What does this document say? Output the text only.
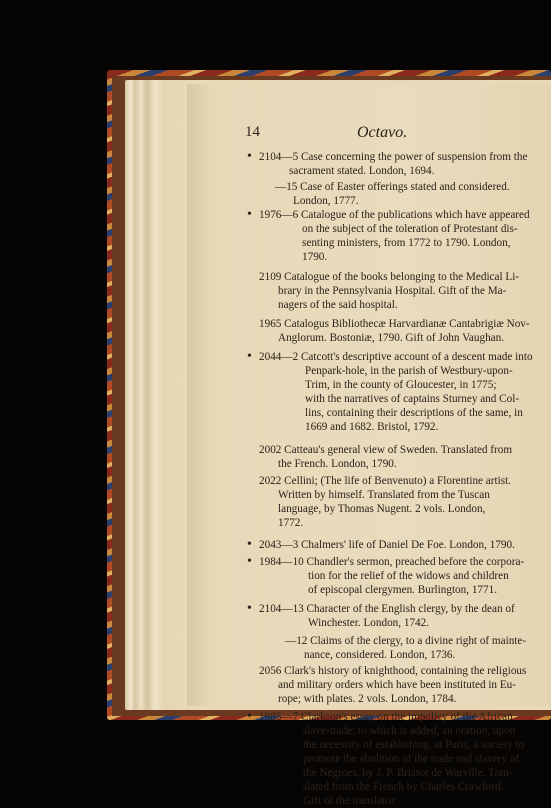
14	Octavo.
• 2104—5 Case concerning the power of suspension from the
sacrament stated. London, 1694.
—15 Case of Easter offerings stated and considered.
London, 1777.
• 1976—6 Catalogue of the publications which have appeared
on the subject of the toleration of Protestant dis-
senting ministers, from 1772 to 1790. London,
1790.
2109 Catalogue of the books belonging to the Medical Li-
brary in the Pennsylvania Hospital. Gift of the Ma-
nagers of the said hospital.
1965 Catalogus Bibliothecæ Harvardianæ Cantabrigiæ Nov-
Anglorum. Bostoniæ, 1790. Gift of John Vaughan.
• 2044—2 Catcott's descriptive account of a descent made into
Penpark-hole, in the parish of Westbury-upon-
Trim, in the county of Gloucester, in 1775;
with the narratives of captains Sturney and Col-
lins, containing their descriptions of the same, in
1669 and 1682. Bristol, 1792.
2002 Catteau's general view of Sweden. Translated from
the French. London, 1790.
2022 Cellini; (The life of Benvenuto) a Florentine artist.
Written by himself. Translated from the Tuscan
language, by Thomas Nugent. 2 vols. London,
1772.
• 2043—3 Chalmers' life of Daniel De Foe. London, 1790.
• 1984—10 Chandler's sermon, preached before the corpora-
tion for the relief of the widows and children
of episcopal clergymen. Burlington, 1771.
• 2104—13 Character of the English clergy, by the dean of
Winchester. London, 1742.
—12 Claims of the clergy, to a divine right of mainte-
nance, considered. London, 1736.
2056 Clark's history of knighthood, containing the religious
and military orders which have been instituted in Eu-
rope; with plates. 2 vols. London, 1784.
• 1985—7 Clarkson's essay on the impolicy of the African
slave-trade; to which is added, an oration, upon
the necessity of establishing, at Paris, a society to
promote the abolition of the trade and slavery of
the Negroes, by J. P. Brissot de Warville. Tran-
slated from the French by Charles Crawford.
Gift of the translator.
